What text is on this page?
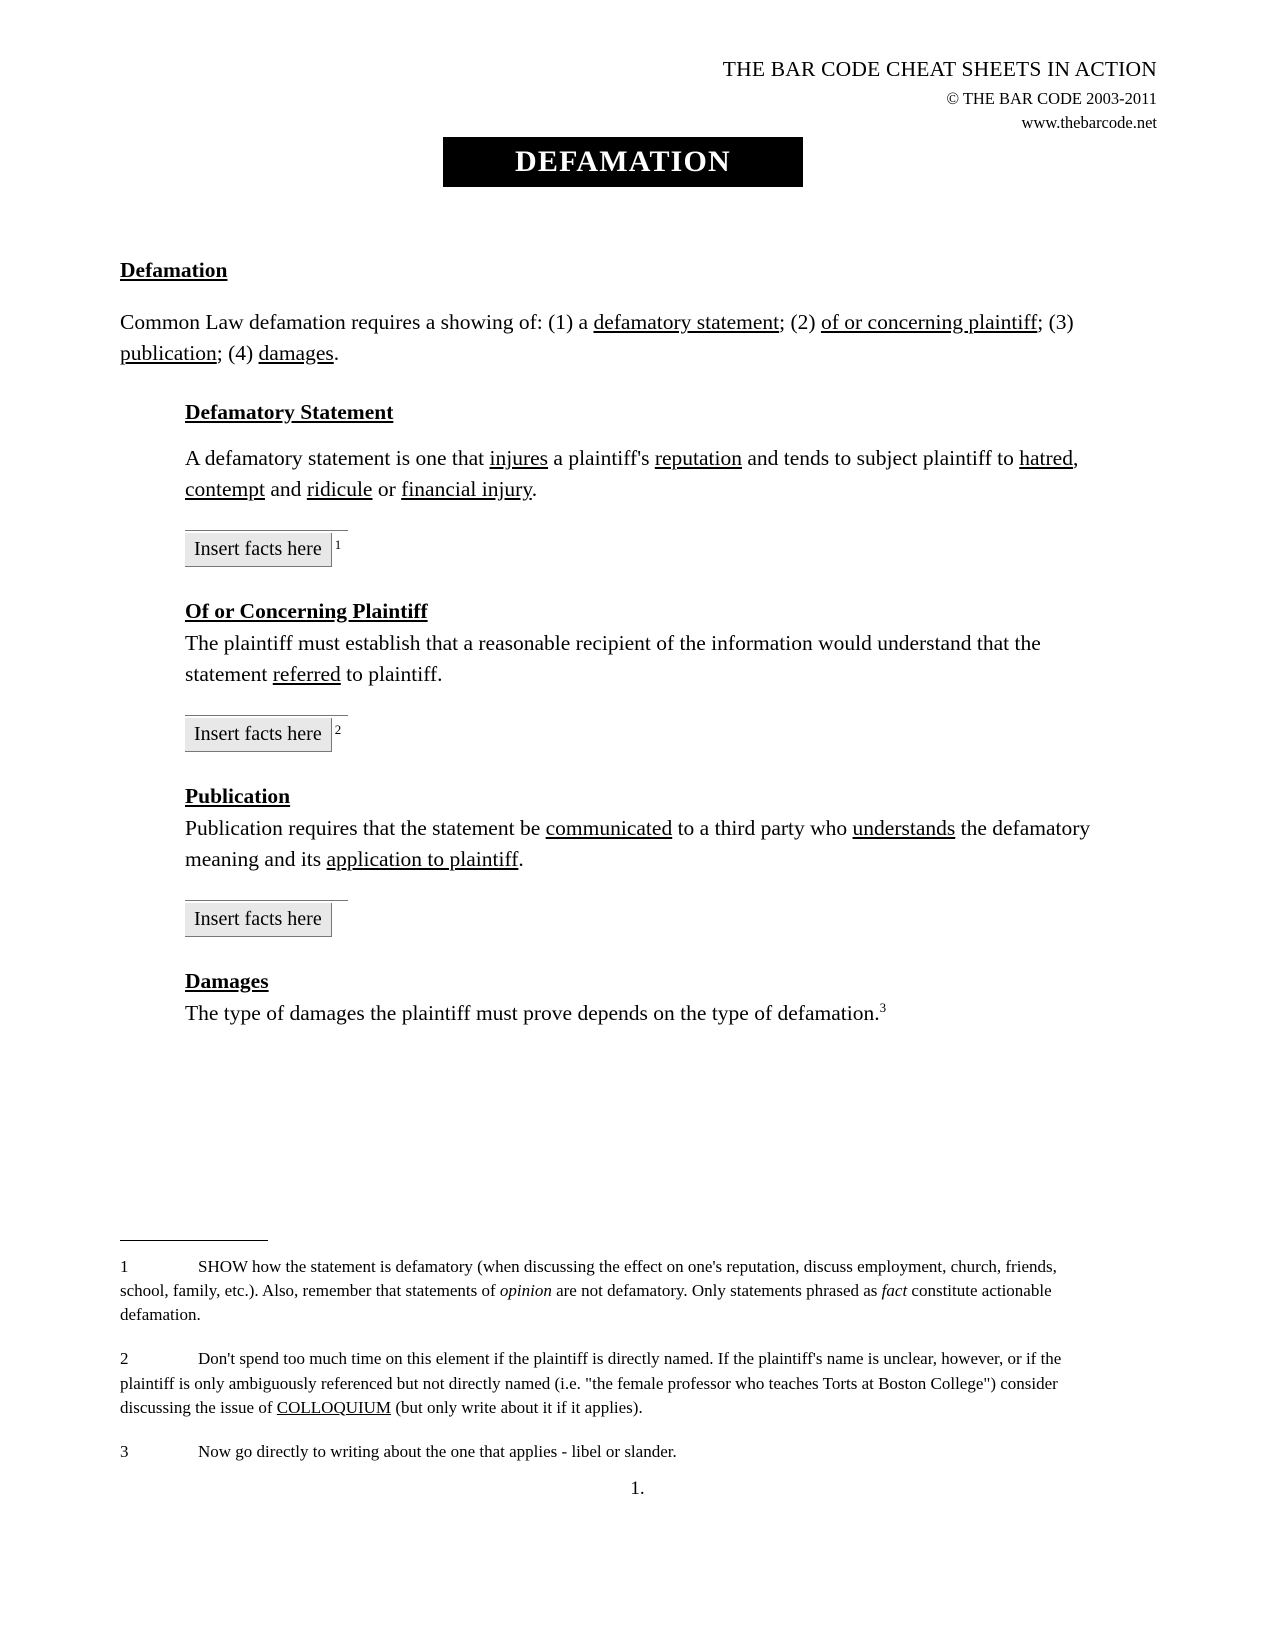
THE BAR CODE CHEAT SHEETS IN ACTION
© THE BAR CODE 2003-2011
www.thebarcode.net
DEFAMATION
Defamation

Common Law defamation requires a showing of: (1) a defamatory statement; (2) of or concerning plaintiff; (3) publication; (4) damages.

Defamatory Statement

A defamatory statement is one that injures a plaintiff's reputation and tends to subject plaintiff to hatred, contempt and ridicule or financial injury.

Insert facts here $^1$
Of or Concerning Plaintiff

The plaintiff must establish that a reasonable recipient of the information would understand that the statement referred to plaintiff.

Insert facts here $^2$
Publication

Publication requires that the statement be communicated to a third party who understands the defamatory meaning and its application to plaintiff.

Insert facts here
Damages

The type of damages the plaintiff must prove depends on the type of defamation.$^3$

1	SHOW how the statement is defamatory (when discussing the effect on one's reputation, discuss employment, church, friends, school, family, etc.). Also, remember that statements of opinion are not defamatory. Only statements phrased as fact constitute actionable defamation.
2	Don't spend too much time on this element if the plaintiff is directly named. If the plaintiff's name is unclear, however, or if the plaintiff is only ambiguously referenced but not directly named (i.e. "the female professor who teaches Torts at Boston College") consider discussing the issue of COLLOQUIUM (but only write about it if it applies).
3	Now go directly to writing about the one that applies - libel or slander.
1.
